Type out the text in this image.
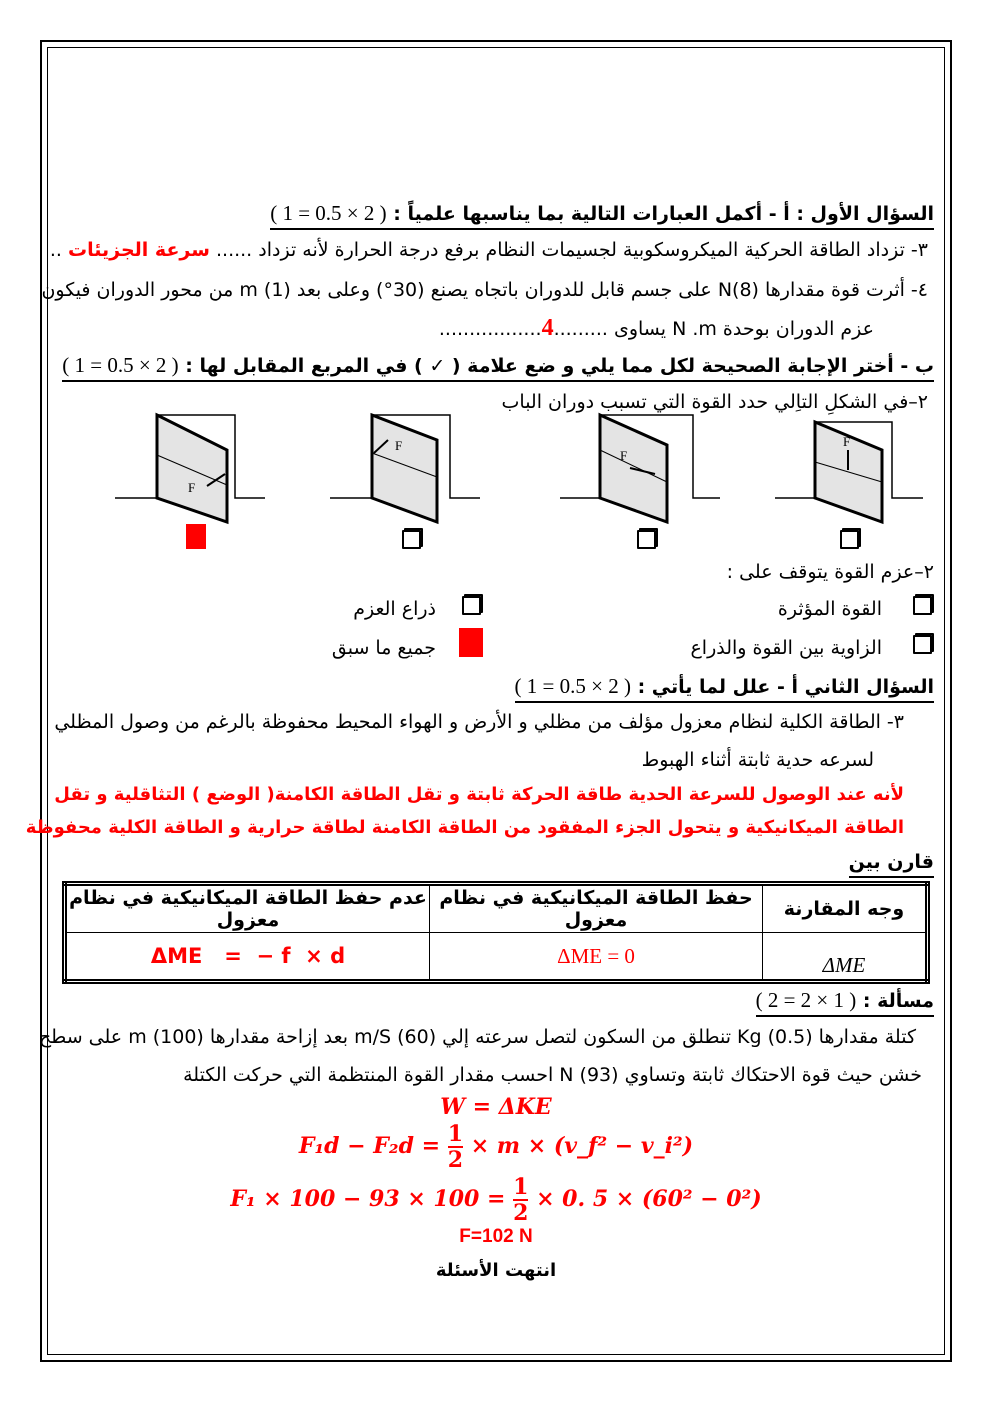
السؤال الأول : أ - أكمل العبارات التالية بما يناسبها علمياً : ( 2 × 0.5 = 1 )
٣- تزداد الطاقة الحركية الميكروسكوبية لجسيمات النظام برفع درجة الحرارة لأنه تزداد ...... سرعة الجزيئات ..
٤- أثرت قوة مقدارها N(8) على جسم قابل للدوران باتجاه يصنع (30°) وعلى بعد m (1) من محور الدوران فيكون
عزم الدوران بوحدة N .m يساوى .........4.................
ب - أختر الإجابة الصحيحة لكل مما يلي و ضع علامة ( ✓ ) في المربع المقابل لها : ( 2 × 0.5 = 1 )
٢–في الشكلِ التاِلي حدد القوة التي تسبب دوران الباب
F
F
F
F
٢–عزم القوة يتوقف على :
القوة المؤثرة
ذراع العزم
الزاوية بين القوة والذراع
جميع ما سبق
السؤال الثاني أ - علل لما يأتي : ( 2 × 0.5 = 1 )
٣- الطاقة الكلية لنظام معزول مؤلف من مظلي و الأرض و الهواء المحيط محفوظة بالرغم من وصول المظلي
لسرعه حدية ثابتة أثناء الهبوط
لأنه عند الوصول للسرعة الحدية طاقة الحركة ثابتة و تقل الطاقة الكامنة( الوضع ) التثاقلية و تقل
الطاقة الميكانيكية و يتحول الجزء المفقود من الطاقة الكامنة لطاقة حرارية و الطاقة الكلية محفوظة
قارن بين
وجه المقارنة	حفظ الطاقة الميكانيكية في نظام معزول	عدم حفظ الطاقة الميكانيكية في نظام معزول
ΔME	ΔME = 0	ΔME   =  − f  × d
مسألة : ( 1 × 2 = 2 )
كتلة مقدارها Kg (0.5) تنطلق من السكون لتصل سرعته إلي m/S (60) بعد إزاحة مقدارها m (100) على سطح
خشن حيث قوة الاحتكاك ثابتة وتساوي N (93) احسب مقدار القوة المنتظمة التي حركت الكتلة
W = ΔKE
$F_1d - F_2d = \frac{1}{2} \times m$ × (v_f² − v_i²)
$F_1 \times 100 - 93 \times 100 = \frac{1}{2} \times 0$. 5 × (60² − 0²)
F=102 N
انتهت الأسئلة
